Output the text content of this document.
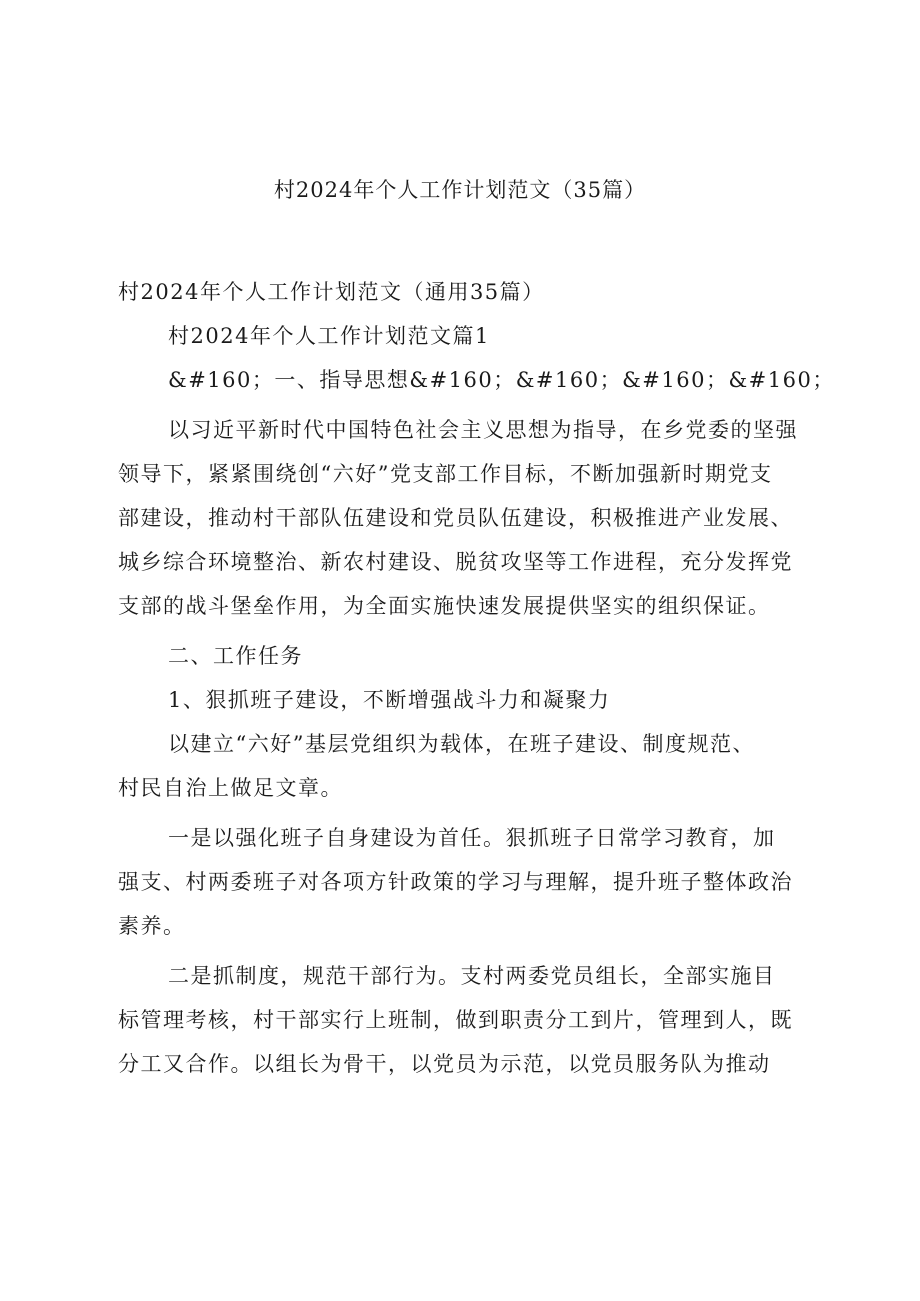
村2024年个人工作计划范文（35篇）
村2024年个人工作计划范文（通用35篇）
村2024年个人工作计划范文篇1
&#160；一、指导思想&#160；&#160；&#160；&#160；
以习近平新时代中国特色社会主义思想为指导，在乡党委的坚强
领导下，紧紧围绕创“六好”党支部工作目标，不断加强新时期党支
部建设，推动村干部队伍建设和党员队伍建设，积极推进产业发展、
城乡综合环境整治、新农村建设、脱贫攻坚等工作进程，充分发挥党
支部的战斗堡垒作用，为全面实施快速发展提供坚实的组织保证。
二、工作任务
1、狠抓班子建设，不断增强战斗力和凝聚力
以建立“六好”基层党组织为载体，在班子建设、制度规范、
村民自治上做足文章。
一是以强化班子自身建设为首任。狠抓班子日常学习教育，加
强支、村两委班子对各项方针政策的学习与理解，提升班子整体政治
素养。
二是抓制度，规范干部行为。支村两委党员组长，全部实施目
标管理考核，村干部实行上班制，做到职责分工到片，管理到人，既
分工又合作。以组长为骨干，以党员为示范，以党员服务队为推动
